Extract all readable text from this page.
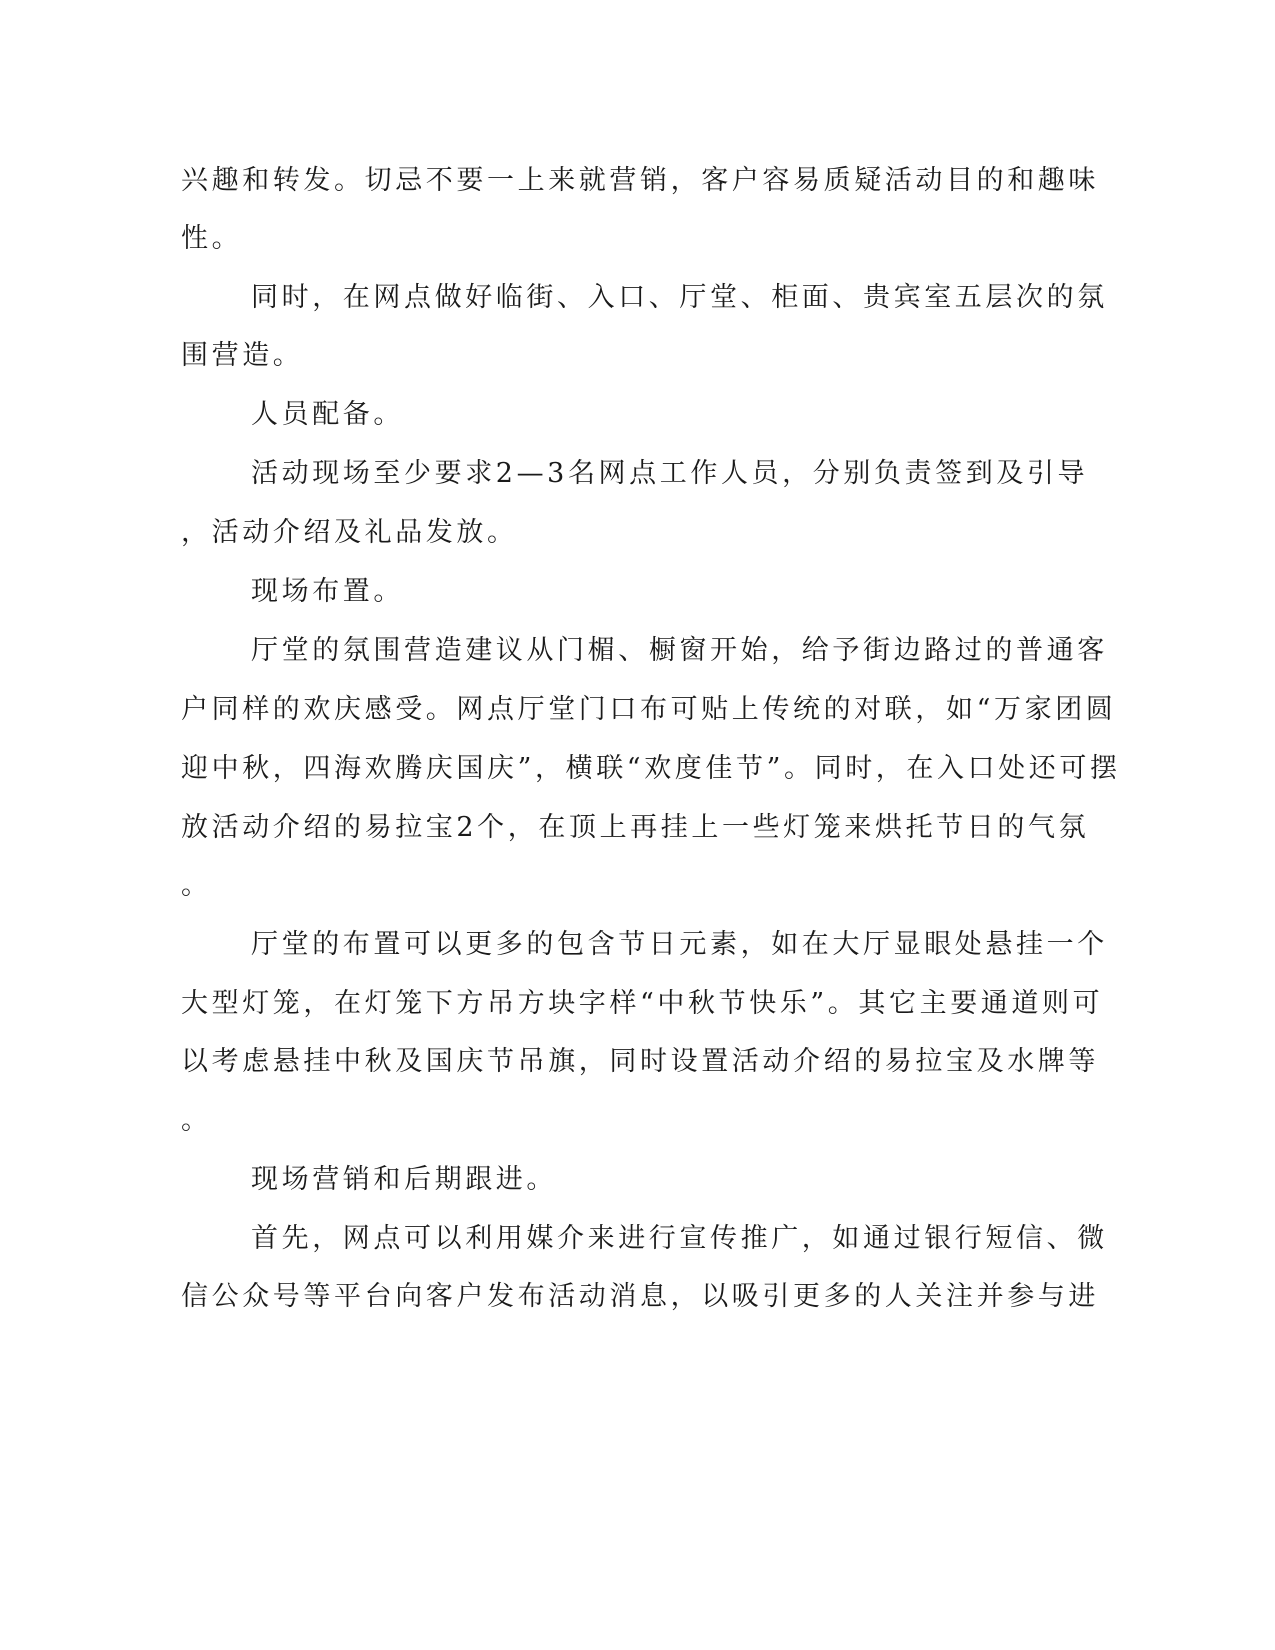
兴趣和转发。切忌不要一上来就营销，客户容易质疑活动目的和趣味

性。

同时，在网点做好临街、入口、厅堂、柜面、贵宾室五层次的氛

围营造。

人员配备。

活动现场至少要求2—3名网点工作人员，分别负责签到及引导

，活动介绍及礼品发放。

现场布置。

厅堂的氛围营造建议从门楣、橱窗开始，给予街边路过的普通客

户同样的欢庆感受。网点厅堂门口布可贴上传统的对联，如“万家团圆

迎中秋，四海欢腾庆国庆”，横联“欢度佳节”。同时，在入口处还可摆

放活动介绍的易拉宝2个，在顶上再挂上一些灯笼来烘托节日的气氛

。

厅堂的布置可以更多的包含节日元素，如在大厅显眼处悬挂一个

大型灯笼，在灯笼下方吊方块字样“中秋节快乐”。其它主要通道则可

以考虑悬挂中秋及国庆节吊旗，同时设置活动介绍的易拉宝及水牌等

。

现场营销和后期跟进。

首先，网点可以利用媒介来进行宣传推广，如通过银行短信、微

信公众号等平台向客户发布活动消息，以吸引更多的人关注并参与进
